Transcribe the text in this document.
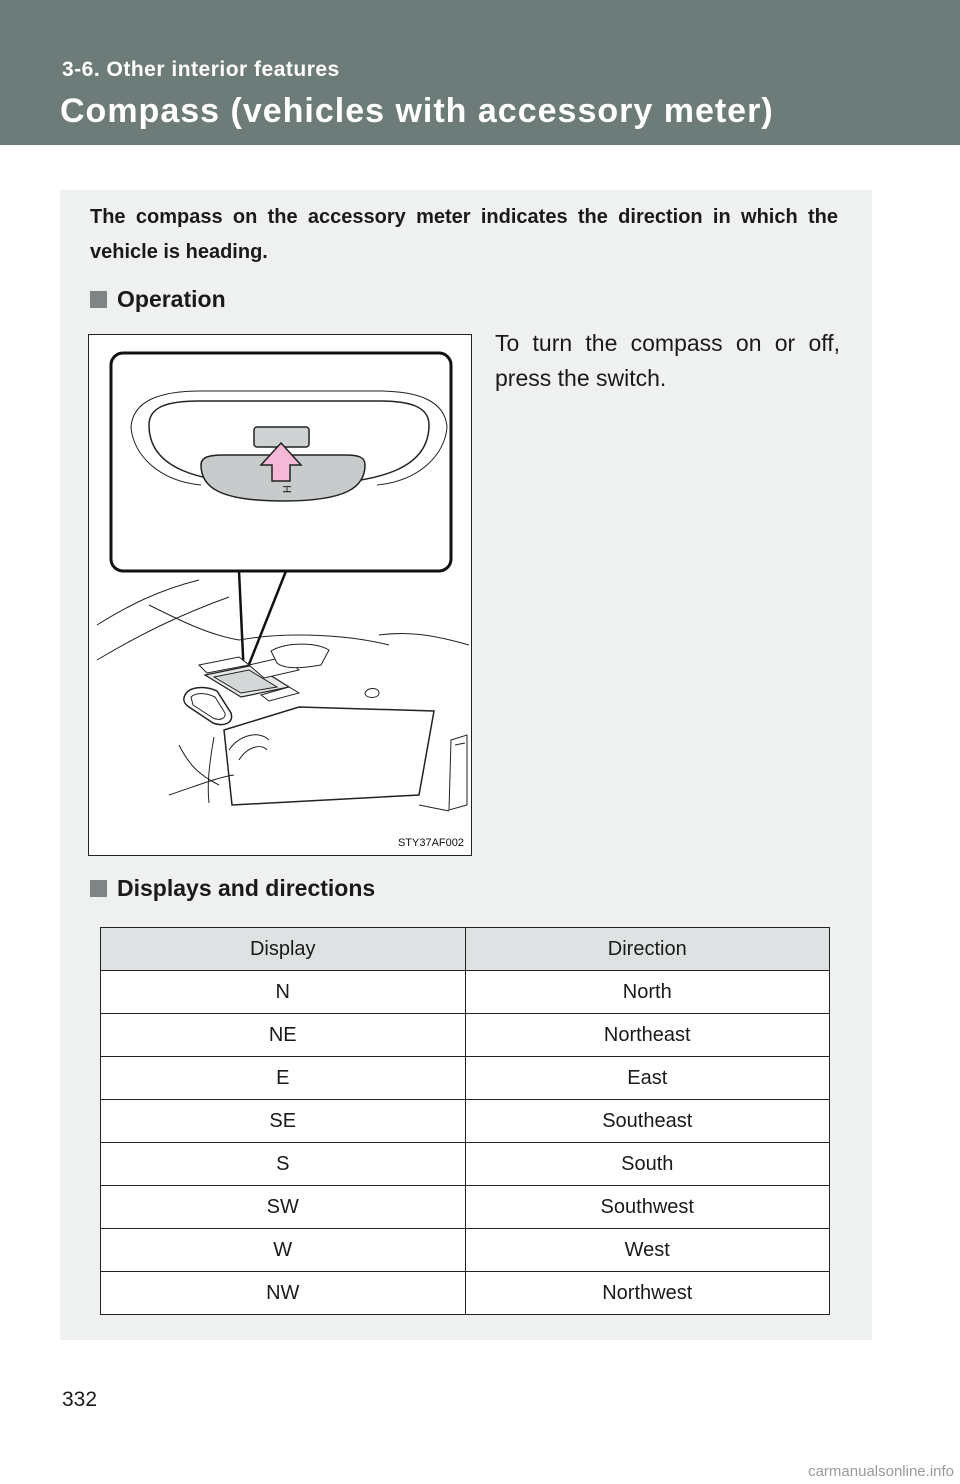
3-6. Other interior features
Compass (vehicles with accessory meter)
The compass on the accessory meter indicates the direction in which the vehicle is heading.
Operation
H
STY37AF002
To turn the compass on or off, press the switch.
Displays and directions
Display	Direction
N	North
NE	Northeast
E	East
SE	Southeast
S	South
SW	Southwest
W	West
NW	Northwest
332
carmanualsonline.info
